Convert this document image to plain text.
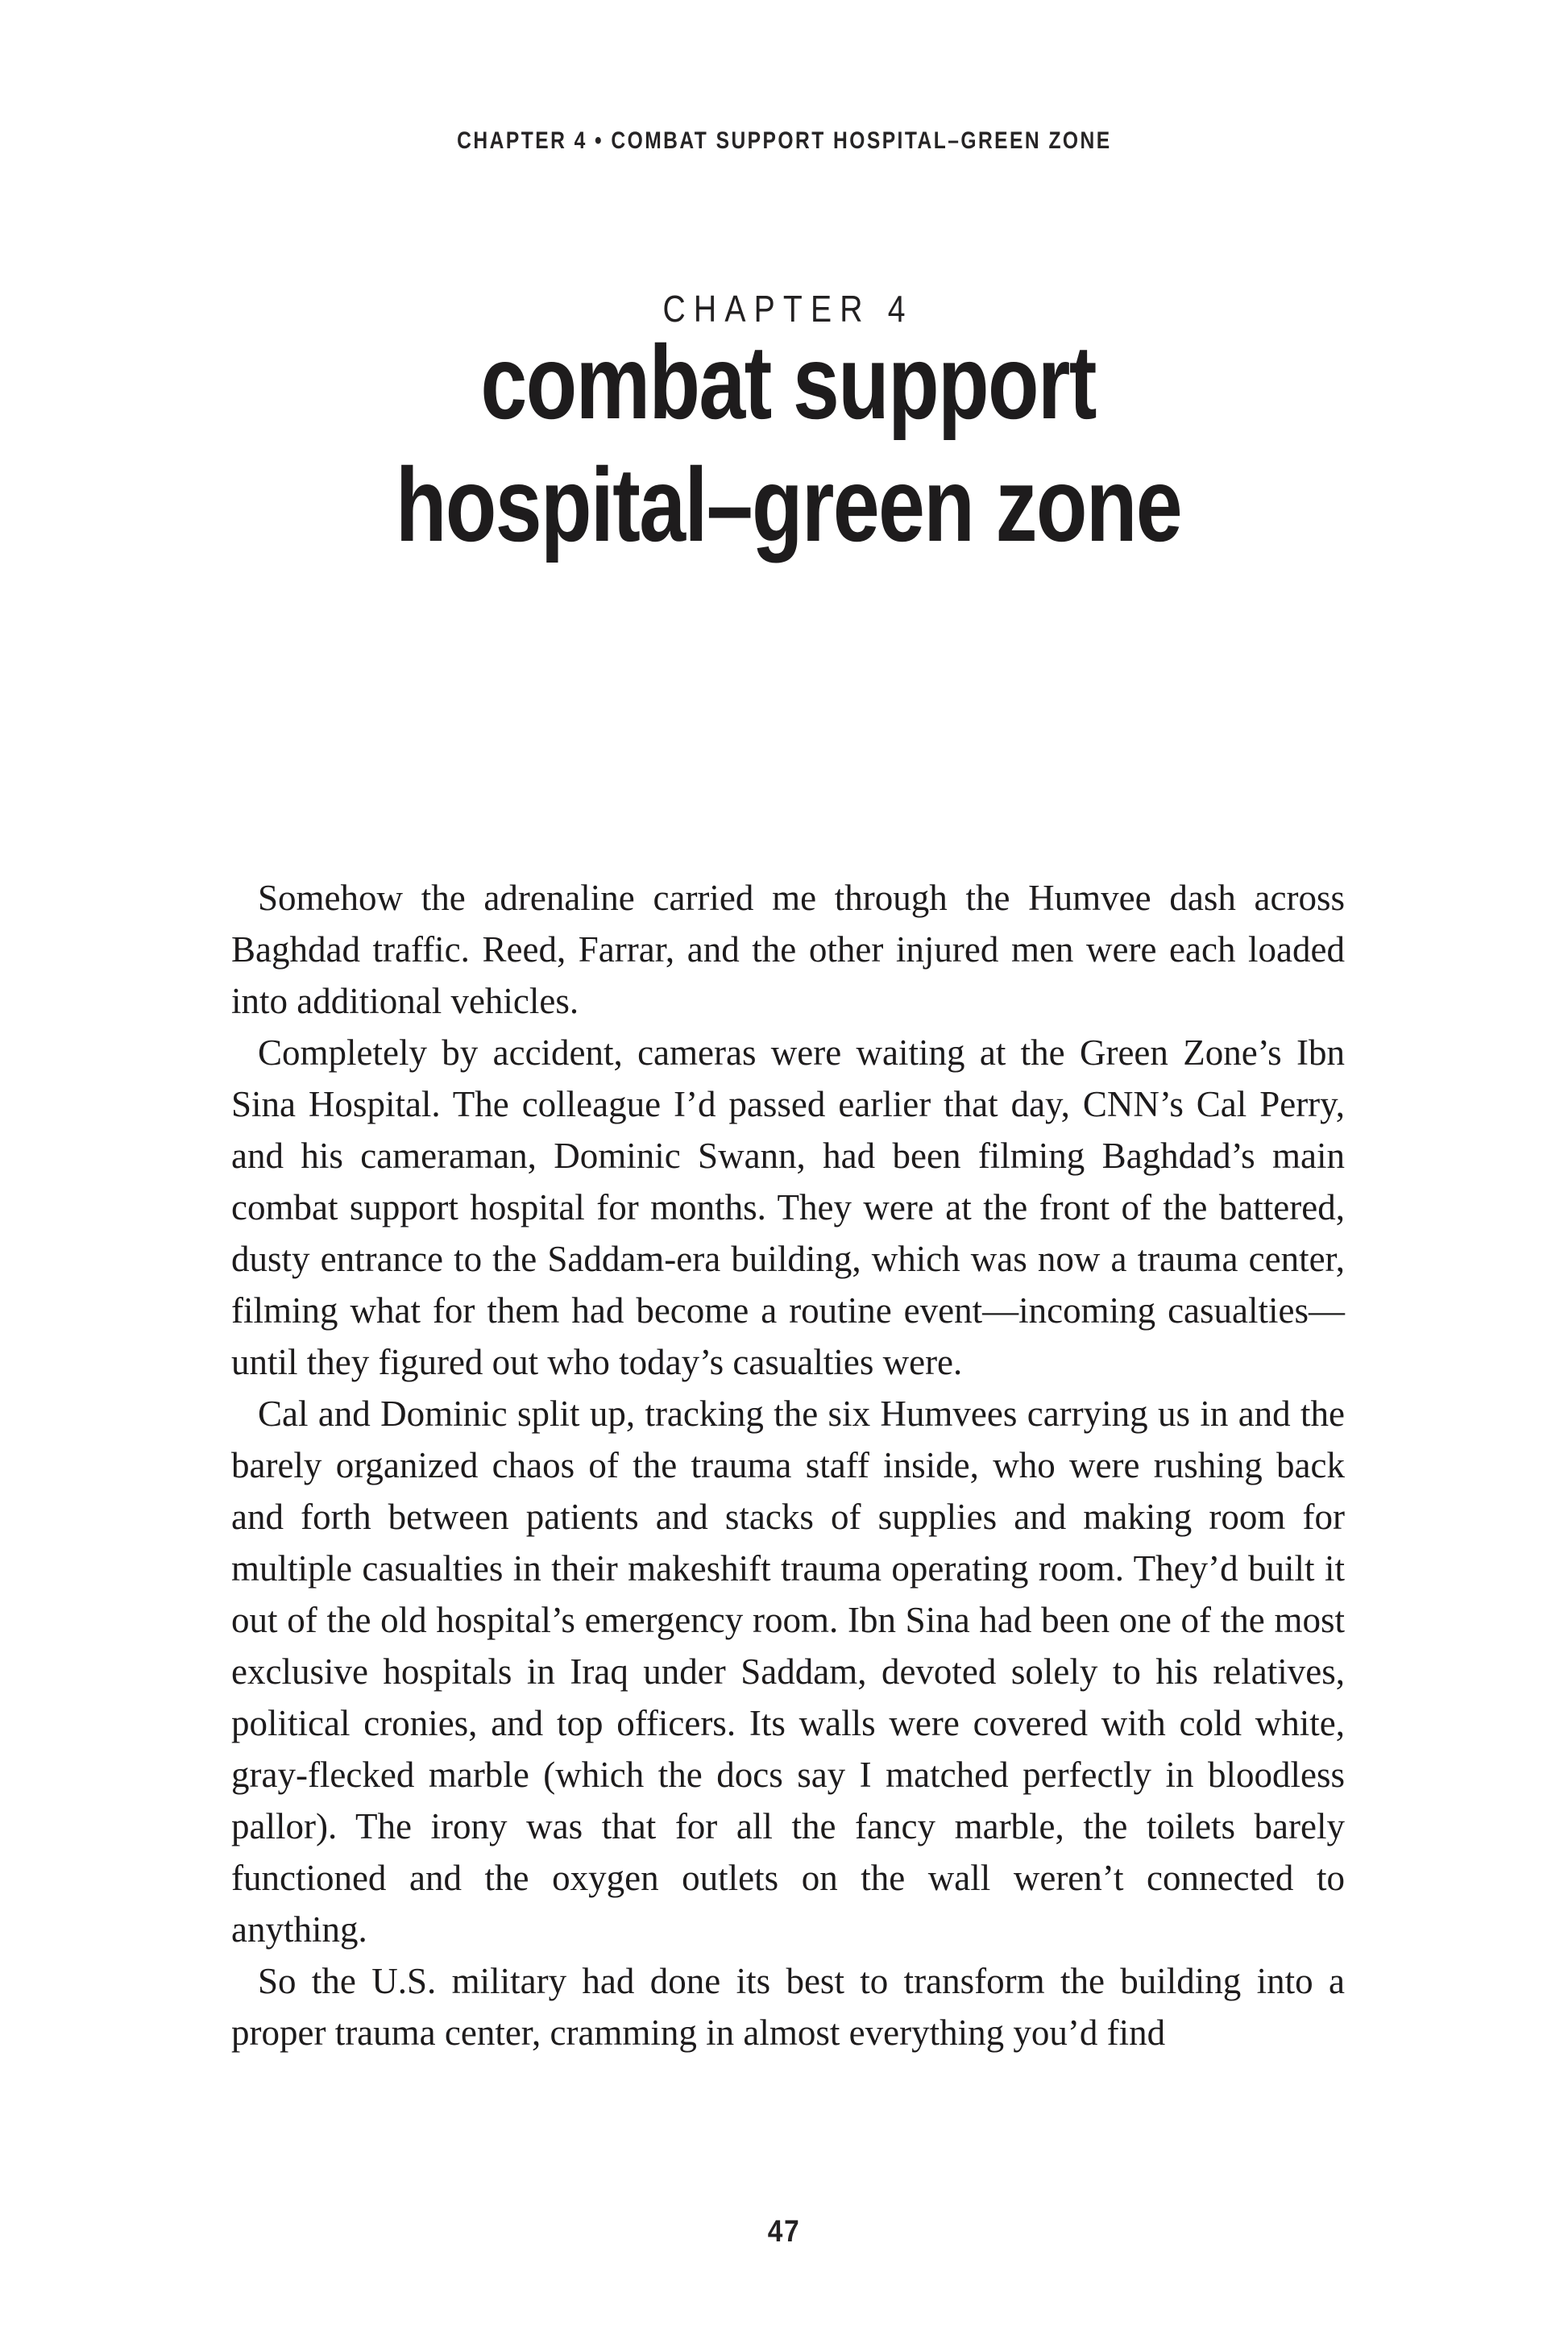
CHAPTER 4 • COMBAT SUPPORT HOSPITAL–GREEN ZONE
CHAPTER 4
combat support
hospital–green zone

Somehow the adrenaline carried me through the Humvee dash across Baghdad traffic. Reed, Farrar, and the other injured men were each loaded into additional vehicles.

Completely by accident, cameras were waiting at the Green Zone’s Ibn Sina Hospital. The colleague I’d passed earlier that day, CNN’s Cal Perry, and his cameraman, Dominic Swann, had been filming Baghdad’s main combat support hospital for months. They were at the front of the battered, dusty entrance to the Saddam-era building, which was now a trauma center, filming what for them had become a routine event—incoming casualties—until they figured out who today’s casualties were.

Cal and Dominic split up, tracking the six Humvees carrying us in and the barely organized chaos of the trauma staff inside, who were rushing back and forth between patients and stacks of supplies and making room for multiple casualties in their makeshift trauma operating room. They’d built it out of the old hospital’s emergency room. Ibn Sina had been one of the most exclusive hospitals in Iraq under Saddam, devoted solely to his relatives, political cronies, and top officers. Its walls were covered with cold white, gray-flecked marble (which the docs say I matched perfectly in bloodless pallor). The irony was that for all the fancy marble, the toilets barely functioned and the oxygen outlets on the wall weren’t connected to anything.

So the U.S. military had done its best to transform the building into a proper trauma center, cramming in almost everything you’d find

47
